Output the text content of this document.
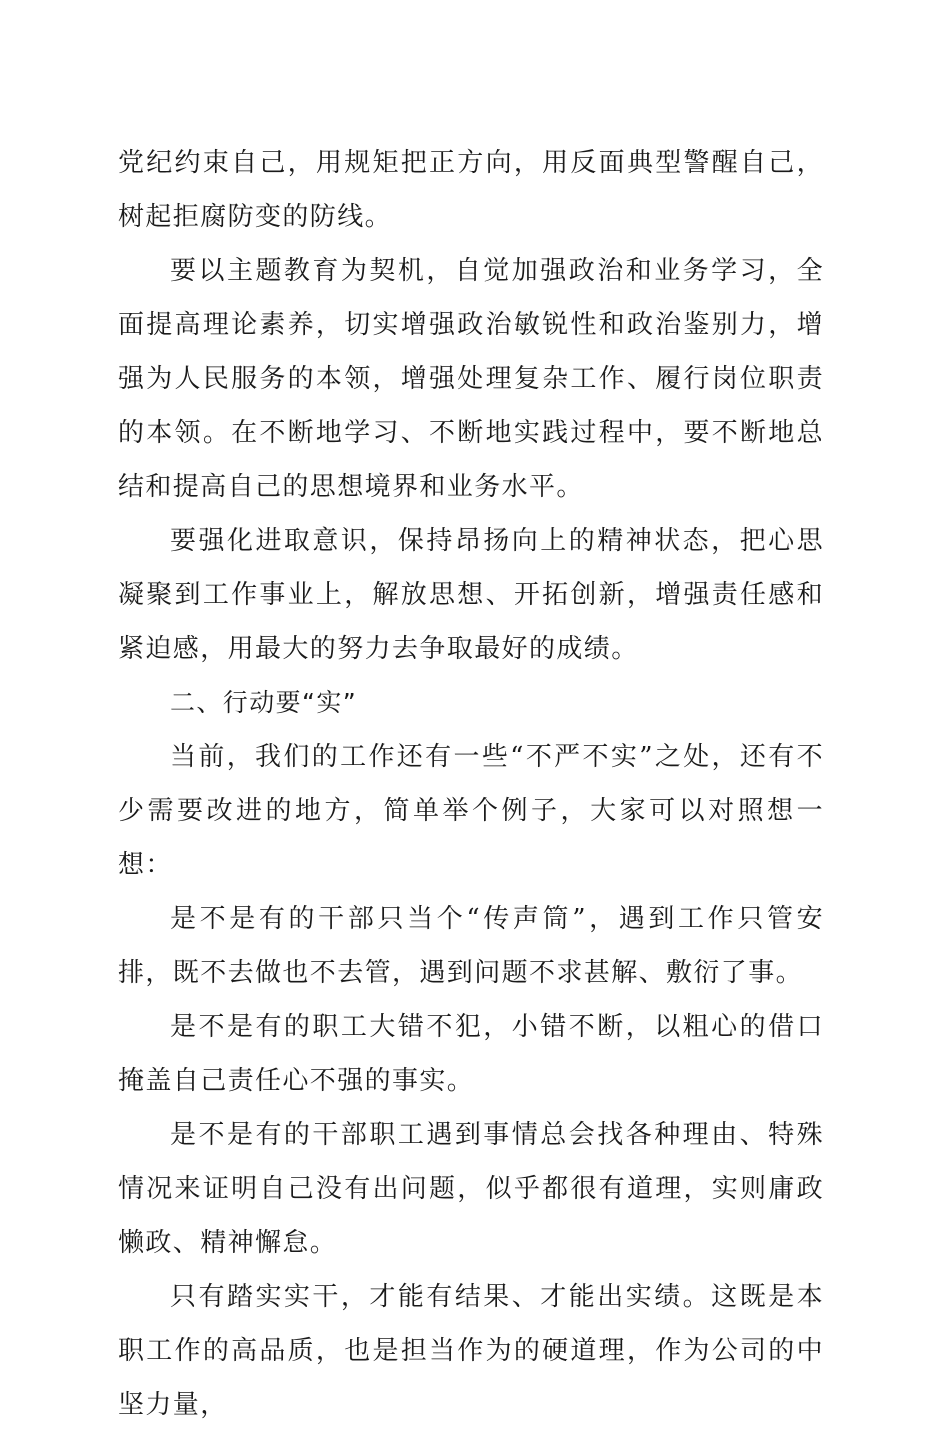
党纪约束自己，用规矩把正方向，用反面典型警醒自己，树起拒腐防变的防线。

要以主题教育为契机，自觉加强政治和业务学习，全面提高理论素养，切实增强政治敏锐性和政治鉴别力，增强为人民服务的本领，增强处理复杂工作、履行岗位职责的本领。在不断地学习、不断地实践过程中，要不断地总结和提高自己的思想境界和业务水平。

要强化进取意识，保持昂扬向上的精神状态，把心思凝聚到工作事业上，解放思想、开拓创新，增强责任感和紧迫感，用最大的努力去争取最好的成绩。

二、行动要“实”

当前，我们的工作还有一些“不严不实”之处，还有不少需要改进的地方，简单举个例子，大家可以对照想一想：

是不是有的干部只当个“传声筒”，遇到工作只管安排，既不去做也不去管，遇到问题不求甚解、敷衍了事。

是不是有的职工大错不犯，小错不断，以粗心的借口掩盖自己责任心不强的事实。

是不是有的干部职工遇到事情总会找各种理由、特殊情况来证明自己没有出问题，似乎都很有道理，实则庸政懒政、精神懈怠。

只有踏实实干，才能有结果、才能出实绩。这既是本职工作的高品质，也是担当作为的硬道理，作为公司的中坚力量，
